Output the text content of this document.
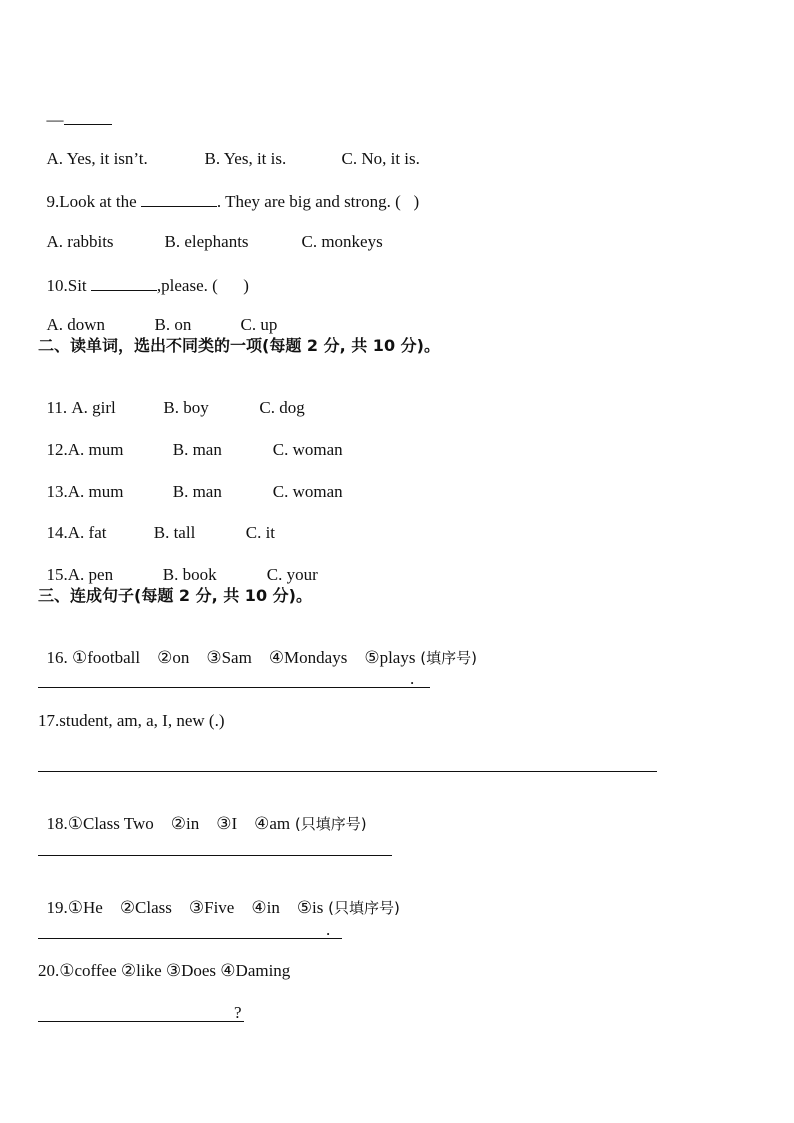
—

A. Yes, it isn’t.	B. Yes, it is.	C. No, it is.

9.Look at the	. They are big and strong. (   )

A. rabbits	B. elephants	C. monkeys

10.Sit	,please. (      )

A. down	B. on	C. up

二、读单词，选出不同类的一项(每题 2 分, 共 10 分)。

11. A. girl	B. boy	C. dog

12.A. mum	B. man	C. woman

13.A. mum	B. man	C. woman

14.A. fat	B. tall	C. it

15.A. pen	B. book	C. your

三、连成句子(每题 2 分, 共 10 分)。

16. ①football    ②on    ③Sam    ④Mondays    ⑤plays (填序号)

.
17.student, am, a, I, new (.)

18.①Class Two    ②in    ③I    ④am (只填序号)

19.①He    ②Class    ③Five    ④in    ⑤is (只填序号)

.
20.①coffee ②like ③Does ④Daming
?
